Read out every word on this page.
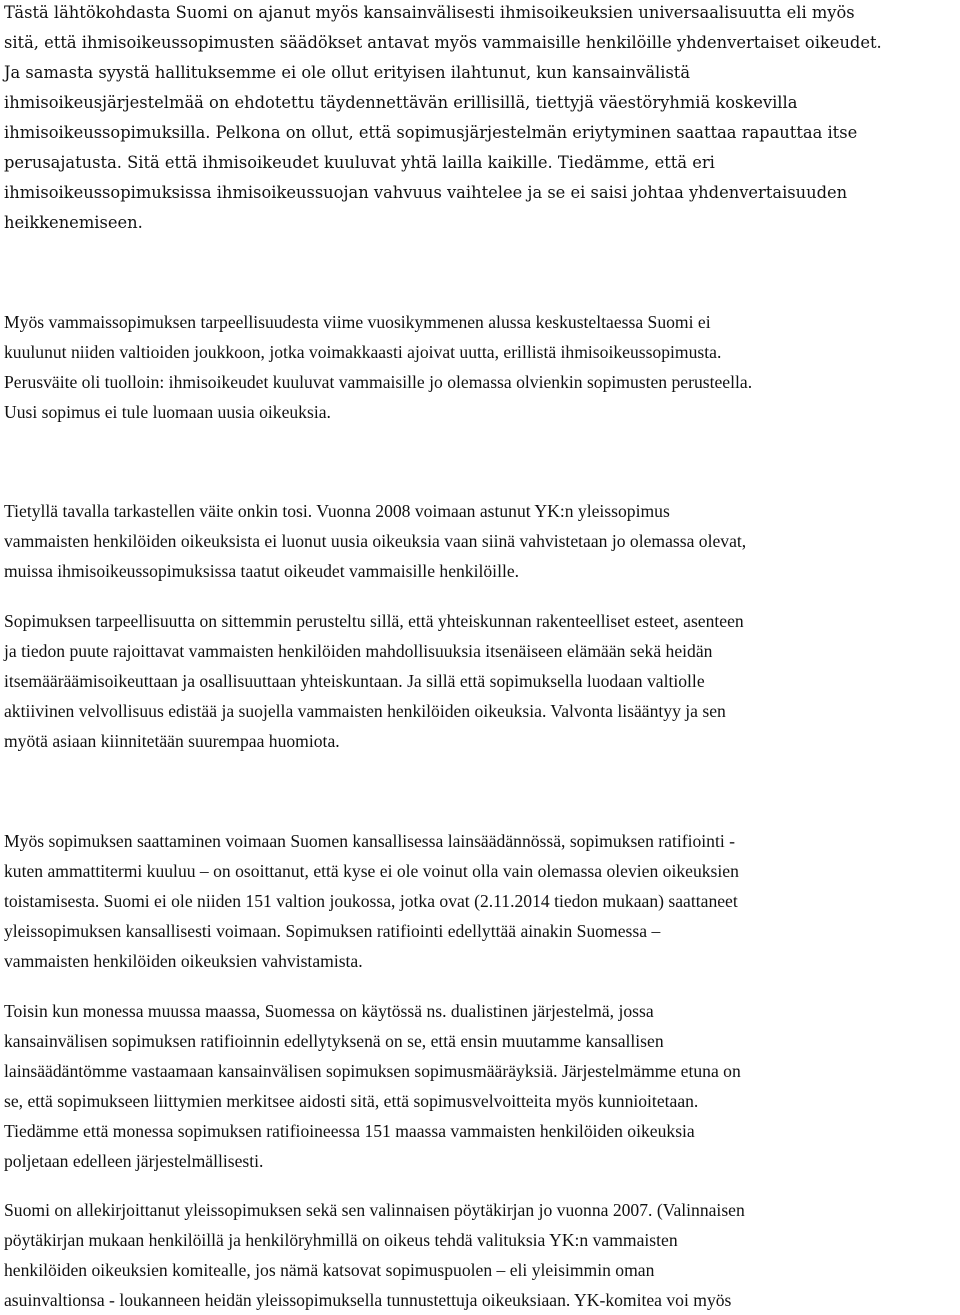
Tästä lähtökohdasta Suomi on ajanut myös kansainvälisesti ihmisoikeuksien universaalisuutta eli myös
sitä, että ihmisoikeussopimusten säädökset antavat myös vammaisille henkilöille yhdenvertaiset oikeudet.
Ja samasta syystä hallituksemme ei ole ollut erityisen ilahtunut, kun kansainvälistä
ihmisoikeusjärjestelmää on ehdotettu täydennettävän erillisillä, tiettyjä väestöryhmiä koskevilla
ihmisoikeussopimuksilla. Pelkona on ollut, että sopimusjärjestelmän eriytyminen saattaa rapauttaa itse
perusajatusta. Sitä että ihmisoikeudet kuuluvat yhtä lailla kaikille. Tiedämme, että eri
ihmisoikeussopimuksissa ihmisoikeussuojan vahvuus vaihtelee ja se ei saisi johtaa yhdenvertaisuuden
heikkenemiseen.
Myös vammaissopimuksen tarpeellisuudesta viime vuosikymmenen alussa keskusteltaessa Suomi ei
kuulunut niiden valtioiden joukkoon, jotka voimakkaasti ajoivat uutta, erillistä ihmisoikeussopimusta.
Perusväite oli tuolloin: ihmisoikeudet kuuluvat vammaisille jo olemassa olvienkin sopimusten perusteella.
Uusi sopimus ei tule luomaan uusia oikeuksia.
Tietyllä tavalla tarkastellen väite onkin tosi. Vuonna 2008 voimaan astunut YK:n yleissopimus
vammaisten henkilöiden oikeuksista ei luonut uusia oikeuksia vaan siinä vahvistetaan jo olemassa olevat,
muissa ihmisoikeussopimuksissa taatut oikeudet vammaisille henkilöille.
Sopimuksen tarpeellisuutta on sittemmin perusteltu sillä, että yhteiskunnan rakenteelliset esteet, asenteen
ja tiedon puute rajoittavat vammaisten henkilöiden mahdollisuuksia itsenäiseen elämään sekä heidän
itsemääräämisoikeuttaan ja osallisuuttaan yhteiskuntaan. Ja sillä että sopimuksella luodaan valtiolle
aktiivinen velvollisuus edistää ja suojella vammaisten henkilöiden oikeuksia. Valvonta lisääntyy ja sen
myötä asiaan kiinnitetään suurempaa huomiota.
Myös sopimuksen saattaminen voimaan Suomen kansallisessa lainsäädännössä, sopimuksen ratifiointi -
kuten ammattitermi kuuluu – on osoittanut, että kyse ei ole voinut olla vain olemassa olevien oikeuksien
toistamisesta. Suomi ei ole niiden 151 valtion joukossa, jotka ovat (2.11.2014 tiedon mukaan) saattaneet
yleissopimuksen kansallisesti voimaan. Sopimuksen ratifiointi edellyttää ainakin Suomessa –
vammaisten henkilöiden oikeuksien vahvistamista.
Toisin kun monessa muussa maassa, Suomessa on käytössä ns. dualistinen järjestelmä, jossa
kansainvälisen sopimuksen ratifioinnin edellytyksenä on se, että ensin muutamme kansallisen
lainsäädäntömme vastaamaan kansainvälisen sopimuksen sopimusmääräyksiä. Järjestelmämme etuna on
se, että sopimukseen liittymien merkitsee aidosti sitä, että sopimusvelvoitteita myös kunnioitetaan.
Tiedämme että monessa sopimuksen ratifioineessa 151 maassa vammaisten henkilöiden oikeuksia
poljetaan edelleen järjestelmällisesti.
Suomi on allekirjoittanut yleissopimuksen sekä sen valinnaisen pöytäkirjan jo vuonna 2007. (Valinnaisen
pöytäkirjan mukaan henkilöillä ja henkilöryhmillä on oikeus tehdä valituksia YK:n vammaisten
henkilöiden oikeuksien komitealle, jos nämä katsovat sopimuspuolen – eli yleisimmin oman
asuinvaltionsa - loukanneen heidän yleissopimuksella tunnustettuja oikeuksiaan. YK-komitea voi myös
